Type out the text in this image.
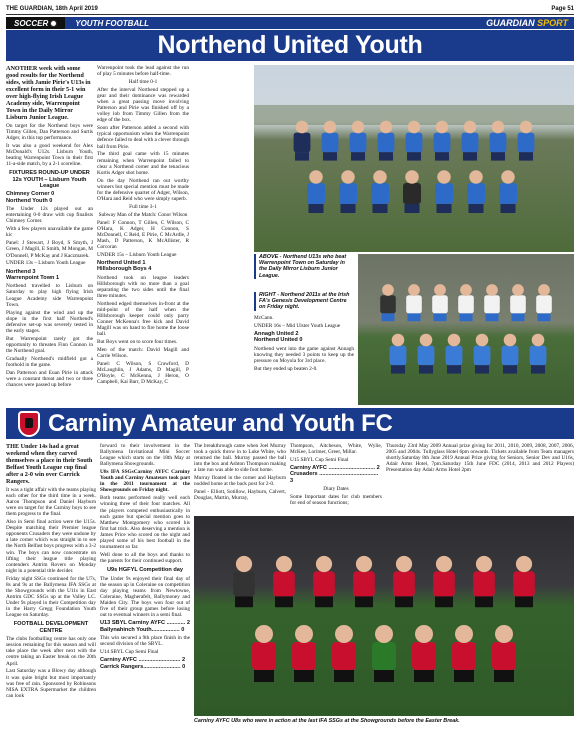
THE GUARDIAN, 18th April 2019	Page 51
SOCCER	YOUTH FOOTBALL	GUARDIAN SPORT
Northend United Youth

ANOTHER week with some good results for the Northend sides, with Jamie Pirie's U13s in excellent form in their 5-1 win over high-flying Irish League Academy side, Warrenpoint Town in the Daily Mirror Lisburn Junior League.

On target for the Northend boys were Timmy Gillen, Dan Patterson and Surtis Adger, in this top performance.

It was also a good weekend for Alex McDonald's U12s. Lisburn Youth, beating Warrenpoint Town in their first 11-a-side match, by a 2-1 scoreline.

FIXTURES ROUND-UP UNDER 12s YOUTH – Lisburn Youth League

Chimney Corner 0
Northend Youth 0

The Under 12s played out an entertaining 0-0 draw with cup finalists Chimney Corner.

With a few players unavailable the game kic

Panel: J Stewart, J Boyd, S Smyth, J Green, J Magill, E Smith, M Mongan, M O'Donnell, P McKay and J Kaczmarek.

UNDER 13s – Lisburn Youth League

Northend 3
Warrenpoint Town 1

Northend travelled to Lisburn on Saturday to play high flying Irish League Academy side Warrenpoint Town.

Playing against the wind and up the slope in the first half Northend's defensive set-up was severely tested in the early stages.

But Warrenpoint rarely got the opportunity to threaten Finn Connon in the Northend goal.

Gradually Northend's midfield got a foothold in the game.

Dan Patterson and Euan Pirie in attack were a constant threat and two or three chances were passed up before

Warrenpoint took the lead against the run of play 5 minutes before half-time.

Half time 0-1

After the interval Northend stepped up a gear and their dominance was rewarded when a great passing move involving Patterson and Pirie was finished off by a volley lob from Timmy Gillen from the edge of the box.

Soon after Patterson added a second with typical opportunism when the Warrenpoint defence failed to deal with a clever through ball from Pirie.

The third goal came with 15 minutes remaining when Warrenpoint failed to clear a Northend corner and the tenacious Kurtis Adger shot home.

On the day Northend ran out worthy winners but special mention must be made for the defensive quartet of Adger, Wilson, O'Hara and Reid who were simply superb.

Full time 3-1

Subway Man of the Match: Conor Wilson

Panel: F Connon, T Gillen, C Wilson, C O'Hara, K Adger, H Connon, S McDonnell, C Reid, E Pirie, C McArdle, J Mash, D Patterson, K McAllister, R Corcoran

UNDER 15s – Lisburn Youth League

Northend United 1
Hillsborough Boys 4

Northend took on league leaders Hillsborough with no more than a goal separating the two sides until the final three minutes.

Northend edged themselves in-front at the mid-point of the half when the Hillsborough keeper could only parry Conner McKenna's free kick and David Magill was on hand to fire home the loose ball.

But Boys went on to score four times.

Men of the match: David Magill and Carrie Wilson.

Panel: C Wilson, S Crawford, D McLaughlin, J Adams, D Magill, P O'Boyle, C McKenna, J Heron, O Campbell, Kai Barr, D McKay, C

ABOVE - Northend U13s who beat Warrenpoint Town on Saturday in the Daily Mirror Lisburn Junior League.
RIGHT - Northend 2011s at the Irish FA's Genesis Development Centre on Friday night.

McCann.

UNDER 16s – Mid Ulster Youth League

Annagh United 2
Northend United 0

Northend went into the game against Annagh knowing they needed 3 points to keep up the pressure on Moyola for 3rd place.

But they ended up beaten 2-0.

Carniny Amateur and Youth FC

THE Under 14s had a great weekend when they carved themselves a place in their South Belfast Youth League cup final after a 2-0 win over Carrick Rangers.

It was a tight affair with the teams playing each other for the third time in a week. Aaron Thompson and Daniel Hayburn were on target for the Carniny boys to see them progress to the final.

Also in Semi final action were the U15s. Despite matching their Premier league opponents Crusaders they were undone by a late corner which was straight in to see the North Belfast boys progress with a 3-2 win. The boys can now concentrate on lifting their league title playing contenders Antrim Rovers on Monday night in a potential title decider.

Friday night SSGs continued for the U7s, 8s and 9s at the Ballymena IFA SSGs at the Showgrounds with the U11s in East Antrim GDC SSGs up at the Valley LC. Under 9s played in their Competition day in the Harry Gregg Foundation Youth League on Saturday.

FOOTBALL DEVELOPMENT CENTRE

The clubs footballing centre has only one session remaining for this season and will take place the week after next with the centre taking an Easter break on the 20th April.

Last Saturday was a Blowy day although it was quite bright but most importantly was free of rain. Sponsored by Robinsons NISA EXTRA Supermarket the children can look

forward to their involvement in the Ballymena Invitational Mini Soccer League which starts on the 18th May at Ballymena Showgrounds.

U8s IFA SSGsCarniny AYFC Carniny Youth and Carniny Amateurs took part in the 2011 tournament at the Showgrounds on Friday night.

Both teams performed really well each winning three of their four matches. All the players competed enthusiastically in each game but special mention goes to Matthew Montgomery who scored his first hat trick. Also deserving a mention is James Price who scored on the night and played some of his best football in the tournament so far.

Well done to all the boys and thanks to the parents for their continued support.

U9s HGFYL Competition day

The Under 9s enjoyed their final day of the season up in Coleraine on competition day playing teams from Newtowne, Coleraine, Magherafelt, Ballymoney and Maiden City. The boys won four out of five of their group games before losing out to eventual winners in a semi final.

U13 SBYL Carniny AYFC ............ 2
Ballynahinch Youth.................. 0

This win secured a 9th place finish in the second division of the SBYL.

U14 SBYL Cup Semi Final

Carniny AYFC ........................... 2
Carrick Rangers........................ 0

The breakthrough came when Joel Murray took a quick throw in to Luke White, who returned the ball. Murray passed the ball into the box and Ashton Thompson making a late run was able to side foot home.

Murray floated in the corner and Hayburn nodded home at the back post for 2-0.

Panel - Elliott, Sotillow, Hayburn, Calvert, Douglas, Martin, Murray,

Thompson, Aitcheson, White, Wylie, McKee, Lorimer, Greer, Millar.

U15 SBYL Cup Semi Final

Carniny AYFC .............................. 2
Crusaders ...................................... 3

Diary Dates

Some Important dates for club members for end of season functions;

Thursday 23rd May 2009 Annual prize giving for 2011, 2010, 2009, 2008, 2007, 2006, 2005 and 2004s. Tullyglass Hotel 6pm onwards. Tickets available from Team managers shortly.Saturday 8th June 2019 Annual Prize giving for Seniors, Senior Dev and U16s, Adair Arms Hotel, 7pm.Saturday 15th June FDC (2014, 2013 and 2012 Players) Presentation day Adair Arms Hotel 2pm

Carniny AYFC U8s who were in action at the last IFA SSGs at the Showgrounds before the Easter Break.
